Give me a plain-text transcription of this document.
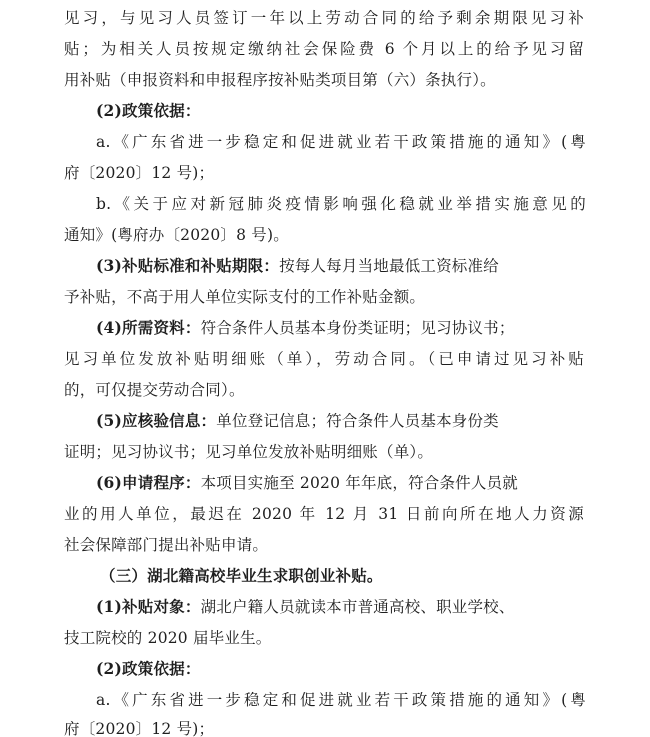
见习，与见习人员签订一年以上劳动合同的给予剩余期限见习补
贴；为相关人员按规定缴纳社会保险费 6 个月以上的给予见习留
用补贴（申报资料和申报程序按补贴类项目第（六）条执行）。
(2)政策依据：
a.《广东省进一步稳定和促进就业若干政策措施的通知》(粤
府〔2020〕12 号)；
b.《关于应对新冠肺炎疫情影响强化稳就业举措实施意见的
通知》(粤府办〔2020〕8 号)。
(3)补贴标准和补贴期限：按每人每月当地最低工资标准给
予补贴，不高于用人单位实际支付的工作补贴金额。
(4)所需资料：符合条件人员基本身份类证明；见习协议书；
见习单位发放补贴明细账（单），劳动合同。（已申请过见习补贴
的，可仅提交劳动合同）。
(5)应核验信息：单位登记信息；符合条件人员基本身份类
证明；见习协议书；见习单位发放补贴明细账（单）。
(6)申请程序：本项目实施至 2020 年年底，符合条件人员就
业的用人单位，最迟在 2020 年 12 月 31 日前向所在地人力资源
社会保障部门提出补贴申请。
（三）湖北籍高校毕业生求职创业补贴。
(1)补贴对象：湖北户籍人员就读本市普通高校、职业学校、
技工院校的 2020 届毕业生。
(2)政策依据：
a.《广东省进一步稳定和促进就业若干政策措施的通知》(粤
府〔2020〕12 号)；
